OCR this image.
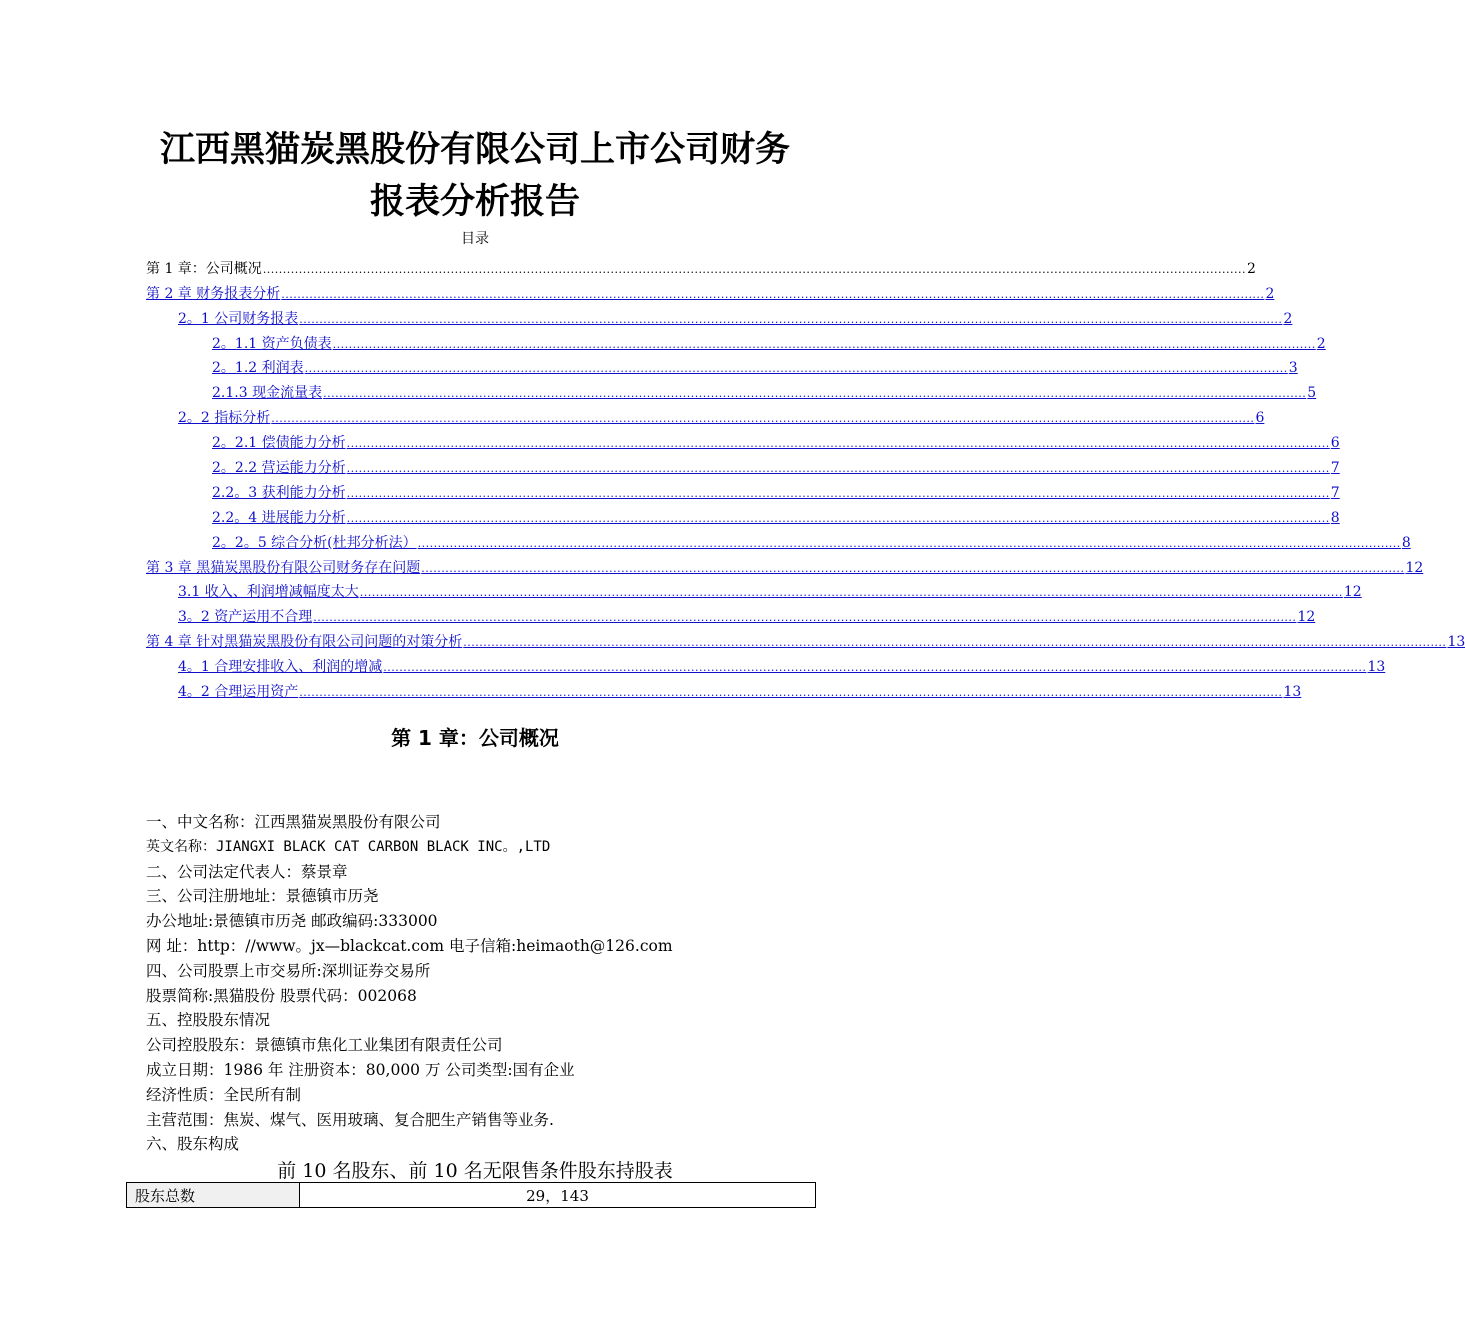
江西黑猫炭黑股份有限公司上市公司财务
报表分析报告
目录
第 1 章：公司概况 ...................................................................................................................................................................................................................................................... 2
第 2 章 财务报表分析 ...................................................................................................................................................................................................................................................... 2
2。1 公司财务报表 ...................................................................................................................................................................................................................................................... 2
2。1.1 资产负债表 ...................................................................................................................................................................................................................................................... 2
2。1.2 利润表 ...................................................................................................................................................................................................................................................... 3
2.1.3 现金流量表 ...................................................................................................................................................................................................................................................... 5
2。2 指标分析 ...................................................................................................................................................................................................................................................... 6
2。2.1 偿债能力分析 ...................................................................................................................................................................................................................................................... 6
2。2.2 营运能力分析 ...................................................................................................................................................................................................................................................... 7
2.2。3 获利能力分析 ...................................................................................................................................................................................................................................................... 7
2.2。4 进展能力分析 ...................................................................................................................................................................................................................................................... 8
2。2。5 综合分析(杜邦分析法） ...................................................................................................................................................................................................................................................... 8
第 3 章 黑猫炭黑股份有限公司财务存在问题 ...................................................................................................................................................................................................................................................... 12
3.1 收入、利润增减幅度太大 ...................................................................................................................................................................................................................................................... 12
3。2 资产运用不合理 ...................................................................................................................................................................................................................................................... 12
第 4 章 针对黑猫炭黑股份有限公司问题的对策分析 ...................................................................................................................................................................................................................................................... 13
4。1 合理安排收入、利润的增减 ...................................................................................................................................................................................................................................................... 13
4。2 合理运用资产 ...................................................................................................................................................................................................................................................... 13
第 1 章：公司概况
一、中文名称：江西黑猫炭黑股份有限公司
英文名称：JIANGXI BLACK CAT CARBON BLACK INC。,LTD
二、公司法定代表人：蔡景章
三、公司注册地址：景德镇市历尧
办公地址:景德镇市历尧 邮政编码:333000
网 址：http：//www。jx—blackcat.com 电子信箱:heimaoth@126.com
四、公司股票上市交易所:深圳证券交易所
股票简称:黑猫股份 股票代码：002068
五、控股股东情况
公司控股股东：景德镇市焦化工业集团有限责任公司
成立日期：1986 年 注册资本：80,000 万 公司类型:国有企业
经济性质：全民所有制
主营范围：焦炭、煤气、医用玻璃、复合肥生产销售等业务.
六、股东构成
前 10 名股东、前 10 名无限售条件股东持股表
股东总数	29，143
